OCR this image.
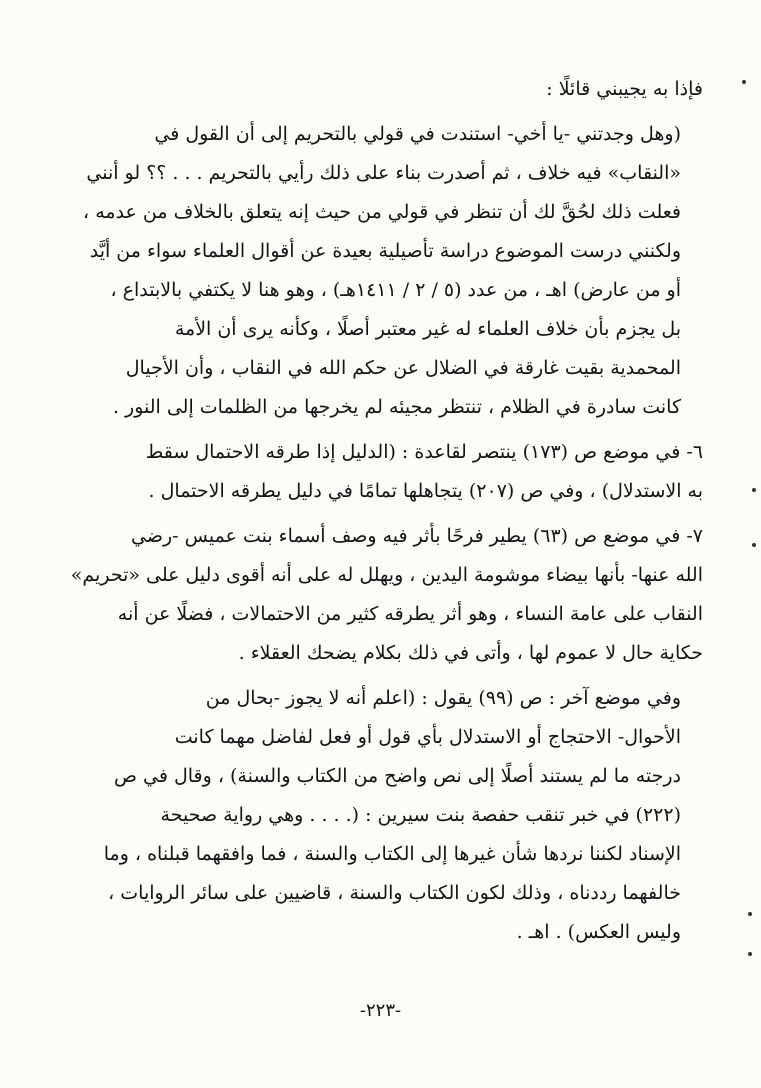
فإذا به يجيبني قائلًا :

(وهل وجدتني -يا أخي- استندت في قولي بالتحريم إلى أن القول في
«النقاب» فيه خلاف ، ثم أصدرت بناء على ذلك رأيي بالتحريم . . . ؟؟ لو أنني
فعلت ذلك لحُقَّ لك أن تنظر في قولي من حيث إنه يتعلق بالخلاف من عدمه ،
ولكنني درست الموضوع دراسة تأصيلية بعيدة عن أقوال العلماء سواء من أيَّد
أو من عارض) اهـ ، من عدد (٥ / ٢ / ١٤١١هـ) ، وهو هنا لا يكتفي بالابتداع ،
بل يجزم بأن خلاف العلماء له غير معتبر أصلًا ، وكأنه يرى أن الأمة
المحمدية بقيت غارقة في الضلال عن حكم الله في النقاب ، وأن الأجيال
كانت سادرة في الظلام ، تنتظر مجيئه لم يخرجها من الظلمات إلى النور .

٦- في موضع ص (١٧٣) ينتصر لقاعدة : (الدليل إذا طرقه الاحتمال سقط
به الاستدلال) ، وفي ص (٢٠٧) يتجاهلها تمامًا في دليل يطرقه الاحتمال .

٧- في موضع ص (٦٣) يطير فرحًا بأثر فيه وصف أسماء بنت عميس -رضي
الله عنها- بأنها بيضاء موشومة اليدين ، ويهلل له على أنه أقوى دليل على «تحريم»
النقاب على عامة النساء ، وهو أثر يطرقه كثير من الاحتمالات ، فضلًا عن أنه
حكاية حال لا عموم لها ، وأتى في ذلك بكلام يضحك العقلاء .

وفي موضع آخر : ص (٩٩) يقول : (اعلم أنه لا يجوز -بحال من
الأحوال- الاحتجاج أو الاستدلال بأي قول أو فعل لفاضل مهما كانت
درجته ما لم يستند أصلًا إلى نص واضح من الكتاب والسنة) ، وقال في ص
(٢٢٢) في خبر تنقب حفصة بنت سيرين : (. . . . وهي رواية صحيحة
الإسناد لكننا نردها شأن غيرها إلى الكتاب والسنة ، فما وافقهما قبلناه ، وما
خالفهما رددناه ، وذلك لكون الكتاب والسنة ، قاضيين على سائر الروايات ،
وليس العكس) . اهـ .

-٢٢٣-
